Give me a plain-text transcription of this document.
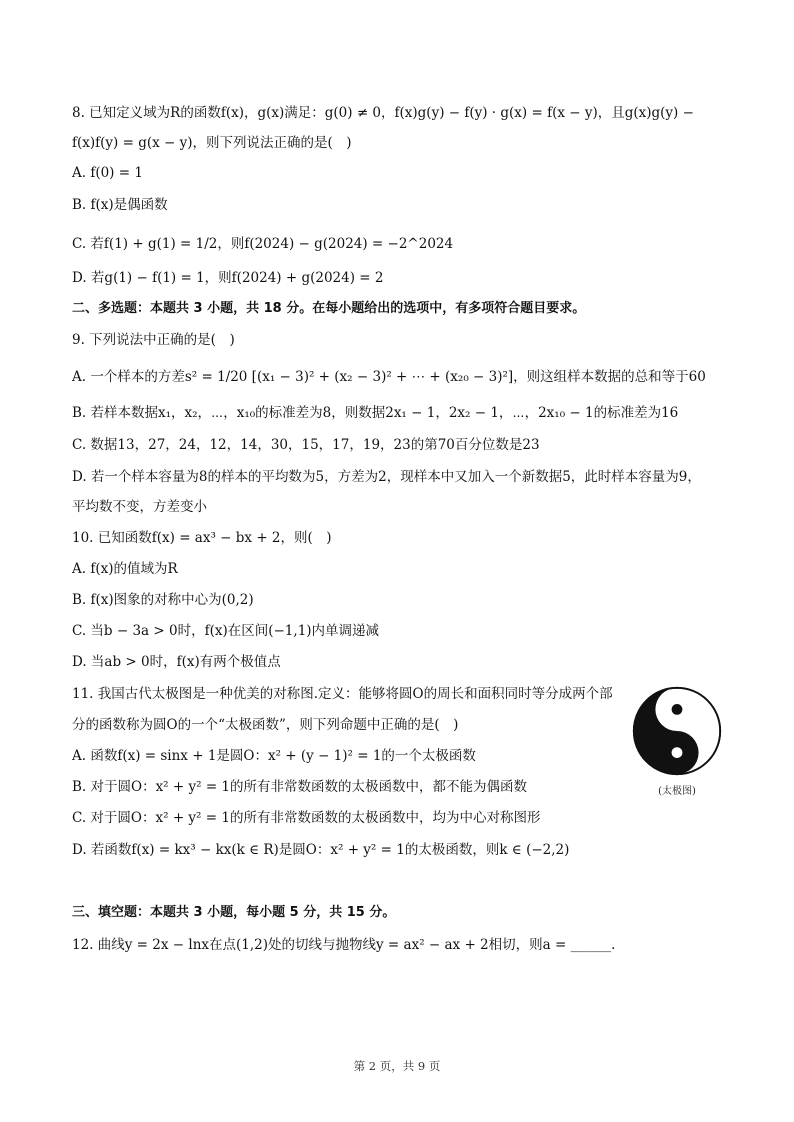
8. 已知定义域为R的函数f(x)，g(x)满足：g(0) ≠ 0，f(x)g(y) − f(y) · g(x) = f(x − y)，且g(x)g(y) −
f(x)f(y) = g(x − y)，则下列说法正确的是(　)
A. f(0) = 1
B. f(x)是偶函数
C. 若f(1) + g(1) = 1/2，则f(2024) − g(2024) = −2^2024
D. 若g(1) − f(1) = 1，则f(2024) + g(2024) = 2
二、多选题：本题共 3 小题，共 18 分。在每小题给出的选项中，有多项符合题目要求。
9. 下列说法中正确的是(　)
A. 一个样本的方差s² = 1/20 [(x₁ − 3)² + (x₂ − 3)² + ⋯ + (x₂₀ − 3)²]，则这组样本数据的总和等于60
B. 若样本数据x₁，x₂，⋯，x₁₀的标准差为8，则数据2x₁ − 1，2x₂ − 1，⋯，2x₁₀ − 1的标准差为16
C. 数据13，27，24，12，14，30，15，17，19，23的第70百分位数是23
D. 若一个样本容量为8的样本的平均数为5，方差为2，现样本中又加入一个新数据5，此时样本容量为9，
平均数不变，方差变小
10. 已知函数f(x) = ax³ − bx + 2，则(　)
A. f(x)的值域为R
B. f(x)图象的对称中心为(0,2)
C. 当b − 3a > 0时，f(x)在区间(−1,1)内单调递减
D. 当ab > 0时，f(x)有两个极值点
11. 我国古代太极图是一种优美的对称图.定义：能够将圆O的周长和面积同时等分成两个部
分的函数称为圆O的一个“太极函数”，则下列命题中正确的是(　)
A. 函数f(x) = sinx + 1是圆O：x² + (y − 1)² = 1的一个太极函数
B. 对于圆O：x² + y² = 1的所有非常数函数的太极函数中，都不能为偶函数
C. 对于圆O：x² + y² = 1的所有非常数函数的太极函数中，均为中心对称图形
D. 若函数f(x) = kx³ − kx(k ∈ R)是圆O：x² + y² = 1的太极函数，则k ∈ (−2,2)
(太极图)
三、填空题：本题共 3 小题，每小题 5 分，共 15 分。
12. 曲线y = 2x − lnx在点(1,2)处的切线与抛物线y = ax² − ax + 2相切，则a = ______.
第 2 页，共 9 页
